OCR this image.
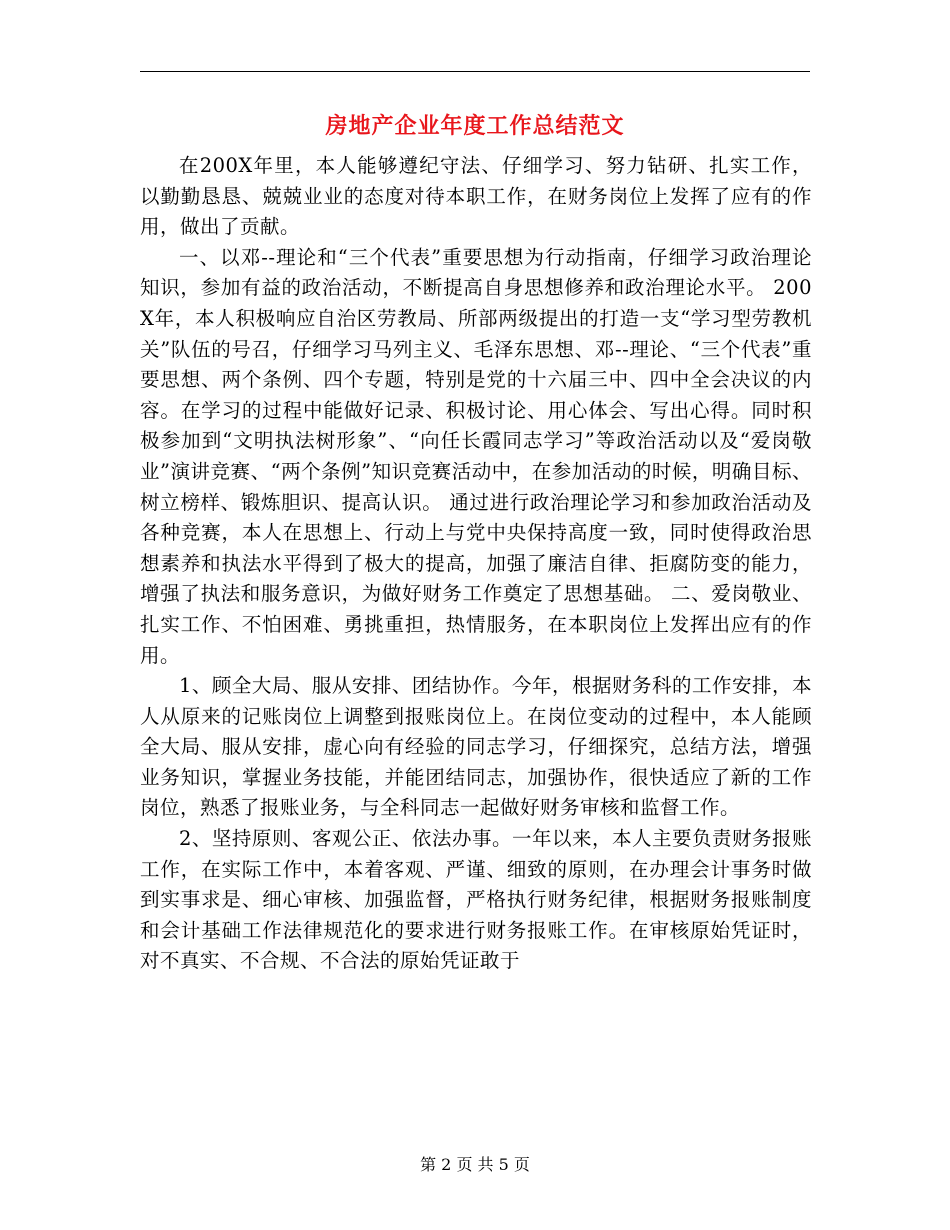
房地产企业年度工作总结范文

在200X年里，本人能够遵纪守法、仔细学习、努力钻研、扎实工作，以勤勤恳恳、兢兢业业的态度对待本职工作，在财务岗位上发挥了应有的作用，做出了贡献。

一、以邓--理论和“三个代表”重要思想为行动指南，仔细学习政治理论知识，参加有益的政治活动，不断提高自身思想修养和政治理论水平。 200X年，本人积极响应自治区劳教局、所部两级提出的打造一支“学习型劳教机关”队伍的号召，仔细学习马列主义、毛泽东思想、邓--理论、“三个代表”重要思想、两个条例、四个专题，特别是党的十六届三中、四中全会决议的内容。在学习的过程中能做好记录、积极讨论、用心体会、写出心得。同时积极参加到“文明执法树形象”、“向任长霞同志学习”等政治活动以及“爱岗敬业”演讲竞赛、“两个条例”知识竞赛活动中，在参加活动的时候，明确目标、树立榜样、锻炼胆识、提高认识。 通过进行政治理论学习和参加政治活动及各种竞赛，本人在思想上、行动上与党中央保持高度一致，同时使得政治思想素养和执法水平得到了极大的提高，加强了廉洁自律、拒腐防变的能力，增强了执法和服务意识，为做好财务工作奠定了思想基础。 二、爱岗敬业、扎实工作、不怕困难、勇挑重担，热情服务，在本职岗位上发挥出应有的作用。

1、顾全大局、服从安排、团结协作。今年，根据财务科的工作安排，本人从原来的记账岗位上调整到报账岗位上。在岗位变动的过程中，本人能顾全大局、服从安排，虚心向有经验的同志学习，仔细探究，总结方法，增强业务知识，掌握业务技能，并能团结同志，加强协作，很快适应了新的工作岗位，熟悉了报账业务，与全科同志一起做好财务审核和监督工作。

2、坚持原则、客观公正、依法办事。一年以来，本人主要负责财务报账工作，在实际工作中，本着客观、严谨、细致的原则，在办理会计事务时做到实事求是、细心审核、加强监督，严格执行财务纪律，根据财务报账制度和会计基础工作法律规范化的要求进行财务报账工作。在审核原始凭证时，对不真实、不合规、不合法的原始凭证敢于

第 2 页 共 5 页
